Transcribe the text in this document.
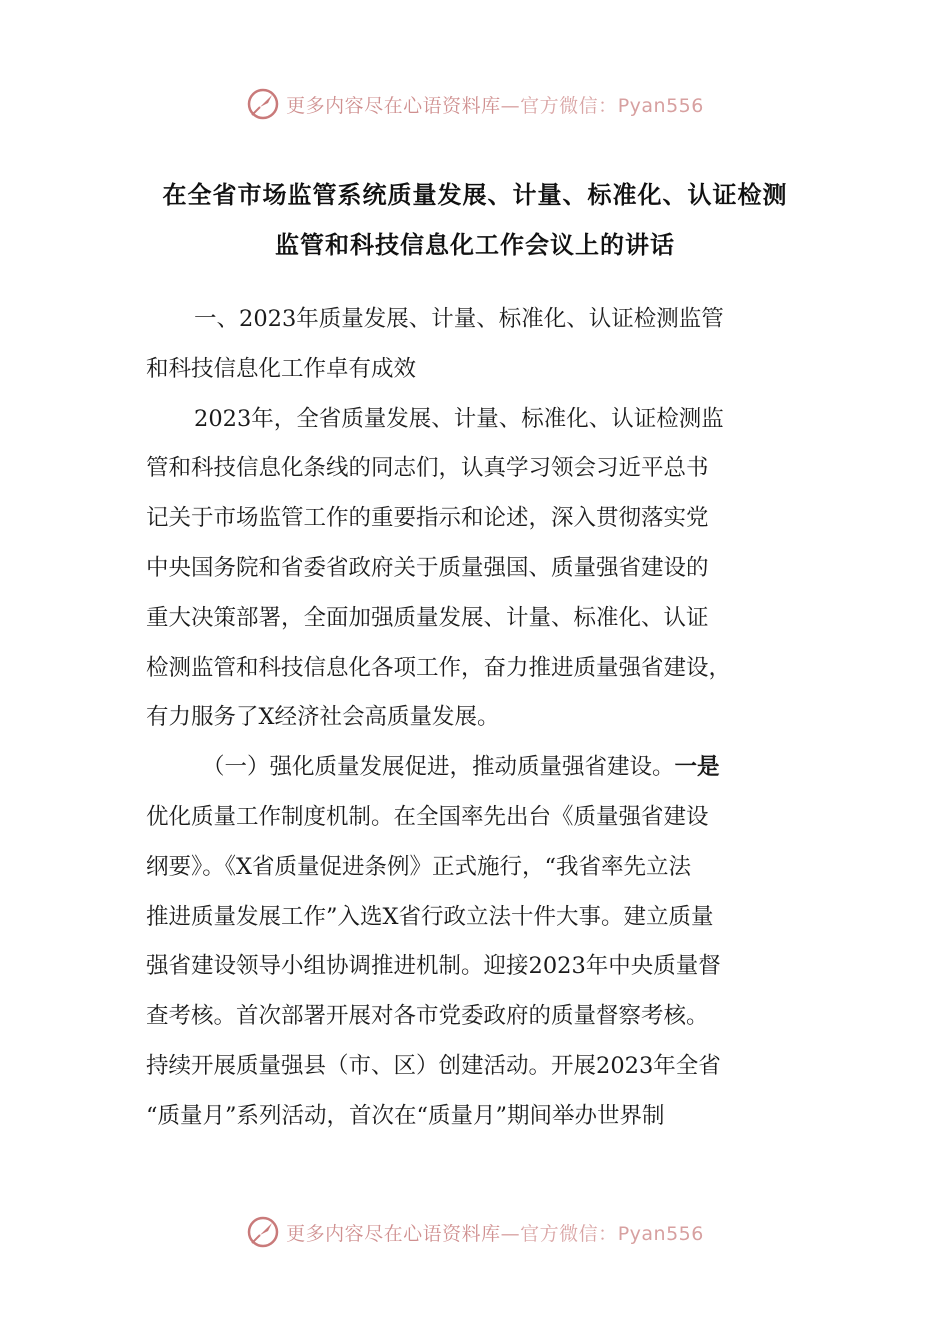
更多内容尽在心语资料库—官方微信：Pyan556
在全省市场监管系统质量发展、计量、标准化、认证检测
监管和科技信息化工作会议上的讲话
一、2023年质量发展、计量、标准化、认证检测监管
和科技信息化工作卓有成效
2023年，全省质量发展、计量、标准化、认证检测监
管和科技信息化条线的同志们，认真学习领会习近平总书
记关于市场监管工作的重要指示和论述，深入贯彻落实党
中央国务院和省委省政府关于质量强国、质量强省建设的
重大决策部署，全面加强质量发展、计量、标准化、认证
检测监管和科技信息化各项工作，奋力推进质量强省建设，
有力服务了X经济社会高质量发展。
（一）强化质量发展促进，推动质量强省建设。一是
优化质量工作制度机制。在全国率先出台《质量强省建设
纲要》。《X省质量促进条例》正式施行，“我省率先立法
推进质量发展工作”入选X省行政立法十件大事。建立质量
强省建设领导小组协调推进机制。迎接2023年中央质量督
查考核。首次部署开展对各市党委政府的质量督察考核。
持续开展质量强县（市、区）创建活动。开展2023年全省
“质量月”系列活动，首次在“质量月”期间举办世界制
更多内容尽在心语资料库—官方微信：Pyan556
